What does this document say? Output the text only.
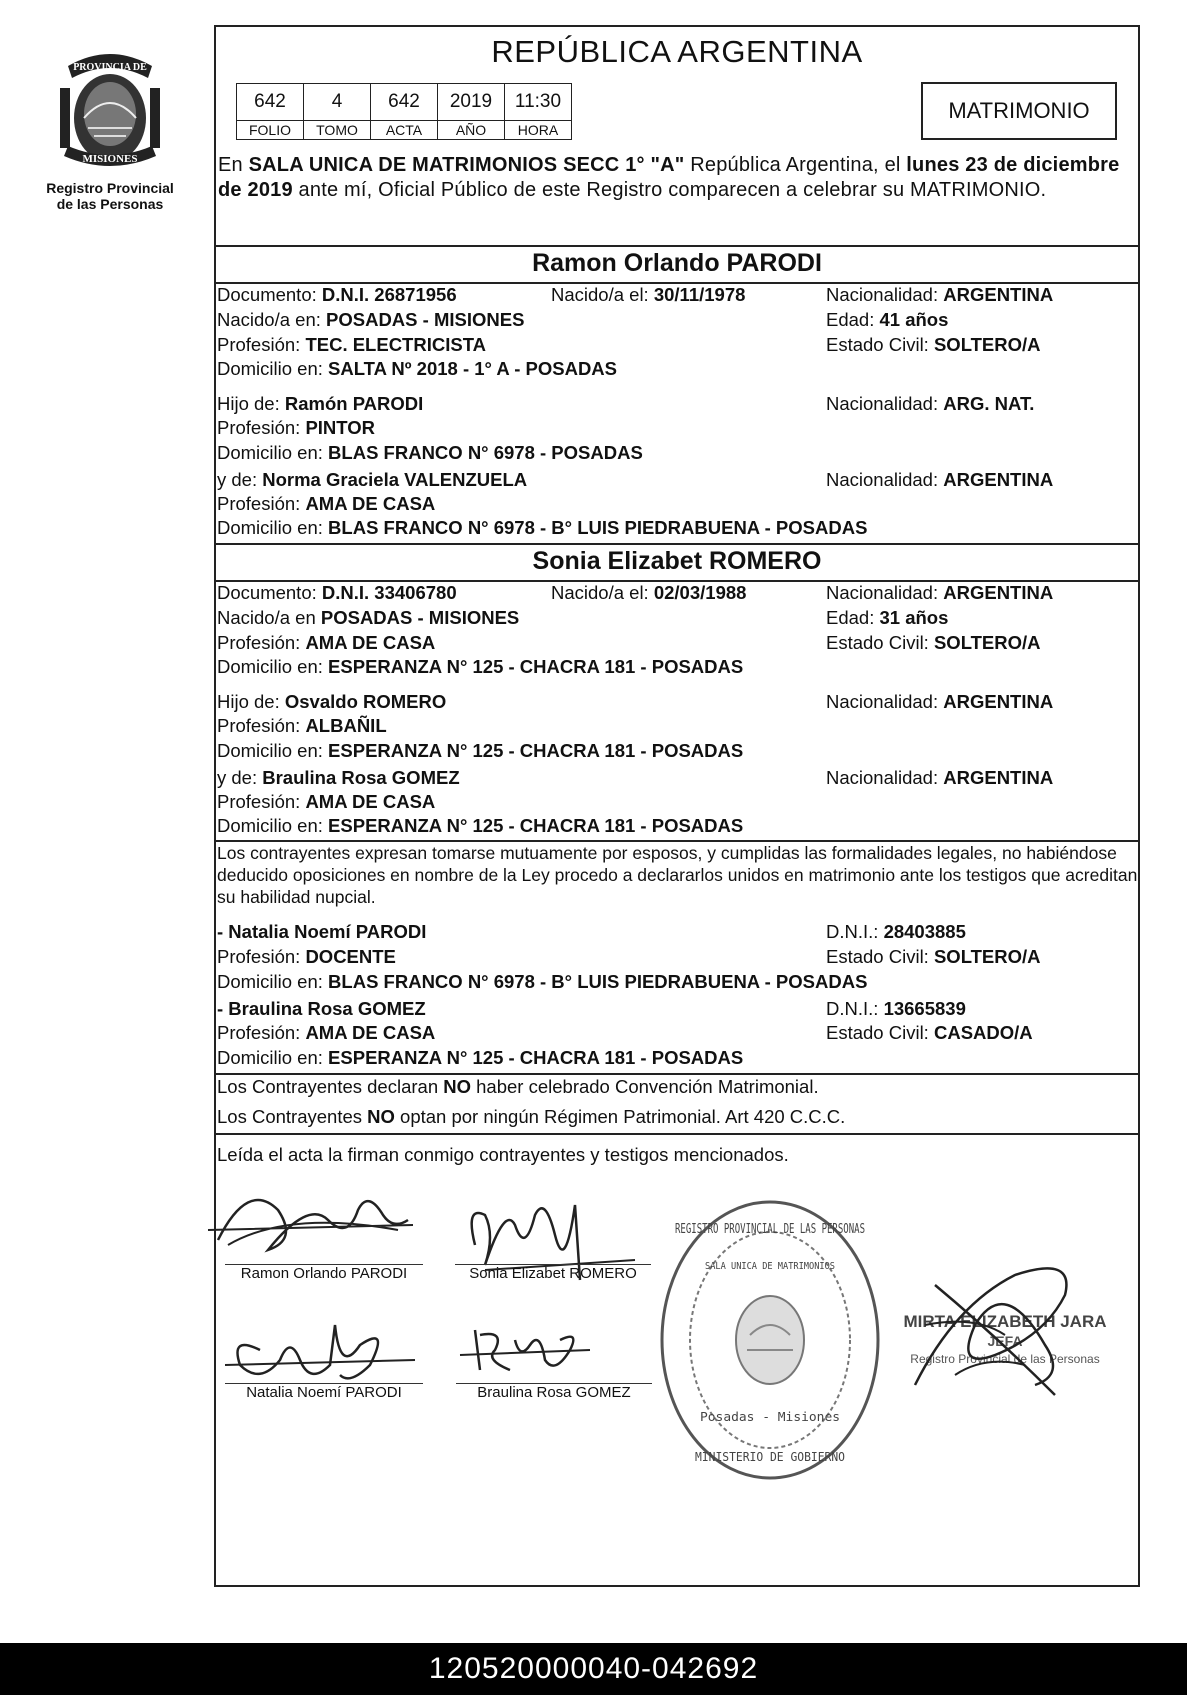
PROVINCIA DE
MISIONES
Registro Provincial
de las Personas
REPÚBLICA ARGENTINA
642	4	642	2019	11:30
FOLIO	TOMO	ACTA	AÑO	HORA
MATRIMONIO
En SALA UNICA DE MATRIMONIOS SECC 1° "A" República Argentina, el lunes 23 de diciembre de 2019 ante mí, Oficial Público de este Registro comparecen a celebrar su MATRIMONIO.
Ramon Orlando PARODI
Documento: D.N.I. 26871956	Nacido/a el: 30/11/1978	Nacionalidad: ARGENTINA
Nacido/a en: POSADAS - MISIONES	Edad: 41 años
Profesión: TEC. ELECTRICISTA	Estado Civil: SOLTERO/A
Domicilio en: SALTA Nº 2018 - 1° A - POSADAS
Hijo de: Ramón PARODI	Nacionalidad: ARG. NAT.
Profesión: PINTOR
Domicilio en: BLAS FRANCO N° 6978 - POSADAS
y de: Norma Graciela VALENZUELA	Nacionalidad: ARGENTINA
Profesión: AMA DE CASA
Domicilio en: BLAS FRANCO N° 6978 - B° LUIS PIEDRABUENA - POSADAS
Sonia Elizabet ROMERO
Documento: D.N.I. 33406780	Nacido/a el: 02/03/1988	Nacionalidad: ARGENTINA
Nacido/a en POSADAS - MISIONES	Edad: 31 años
Profesión: AMA DE CASA	Estado Civil: SOLTERO/A
Domicilio en: ESPERANZA N° 125 - CHACRA 181 - POSADAS
Hijo de: Osvaldo ROMERO	Nacionalidad: ARGENTINA
Profesión: ALBAÑIL
Domicilio en: ESPERANZA N° 125 - CHACRA 181 - POSADAS
y de: Braulina Rosa GOMEZ	Nacionalidad: ARGENTINA
Profesión: AMA DE CASA
Domicilio en: ESPERANZA N° 125 - CHACRA 181 - POSADAS
Los contrayentes expresan tomarse mutuamente por esposos, y cumplidas las formalidades legales, no habiéndose deducido oposiciones en nombre de la Ley procedo a declararlos unidos en matrimonio ante los testigos que acreditan su habilidad nupcial.
- Natalia Noemí PARODI	D.N.I.: 28403885
Profesión: DOCENTE	Estado Civil: SOLTERO/A
Domicilio en: BLAS FRANCO N° 6978 - B° LUIS PIEDRABUENA - POSADAS
- Braulina Rosa GOMEZ	D.N.I.: 13665839
Profesión: AMA DE CASA	Estado Civil: CASADO/A
Domicilio en: ESPERANZA N° 125 - CHACRA 181 - POSADAS
Los Contrayentes declaran NO haber celebrado Convención Matrimonial.
Los Contrayentes NO optan por ningún Régimen Patrimonial. Art 420 C.C.C.
Leída el acta la firman conmigo contrayentes y testigos mencionados.
Ramon Orlando PARODI	Sonia Elizabet ROMERO
Natalia Noemí PARODI	Braulina Rosa GOMEZ
REGISTRO PROVINCIAL DE LAS PERSONAS
SALA UNICA DE MATRIMONIOS
Posadas - Misiones
MINISTERIO DE GOBIERNO
MIRTA ELIZABETH JARA
JEFA
Registro Provincial de las Personas
120520000040-042692
